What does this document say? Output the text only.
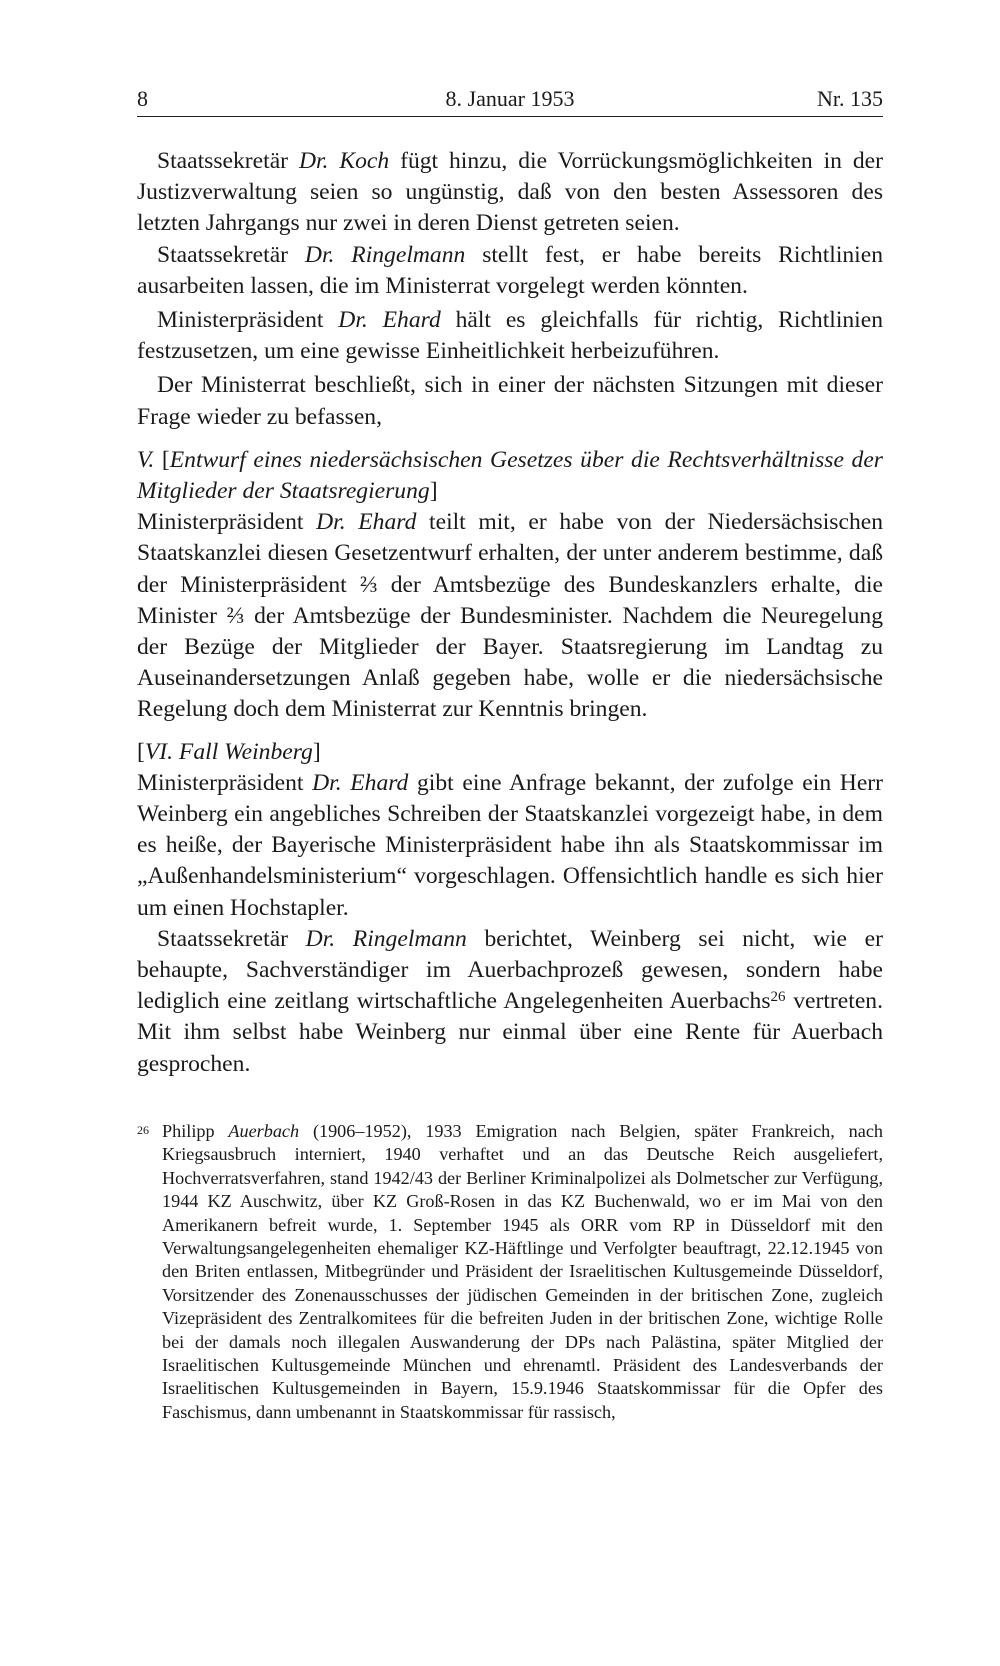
8	8. Januar 1953	Nr. 135

Staatssekretär Dr. Koch fügt hinzu, die Vorrückungsmöglichkeiten in der Justizverwaltung seien so ungünstig, daß von den besten Assessoren des letzten Jahrgangs nur zwei in deren Dienst getreten seien.

Staatssekretär Dr. Ringelmann stellt fest, er habe bereits Richtlinien ausarbeiten lassen, die im Ministerrat vorgelegt werden könnten.

Ministerpräsident Dr. Ehard hält es gleichfalls für richtig, Richtlinien festzusetzen, um eine gewisse Einheitlichkeit herbeizuführen.

Der Ministerrat beschließt, sich in einer der nächsten Sitzungen mit dieser Frage wieder zu befassen,

V. [Entwurf eines niedersächsischen Gesetzes über die Rechtsverhältnisse der Mitglieder der Staatsregierung]

Ministerpräsident Dr. Ehard teilt mit, er habe von der Niedersächsischen Staatskanzlei diesen Gesetzentwurf erhalten, der unter anderem bestimme, daß der Ministerpräsident ⅔ der Amtsbezüge des Bundeskanzlers erhalte, die Minister ⅔ der Amtsbezüge der Bundesminister. Nachdem die Neuregelung der Bezüge der Mitglieder der Bayer. Staatsregierung im Landtag zu Auseinandersetzungen Anlaß gegeben habe, wolle er die niedersächsische Regelung doch dem Ministerrat zur Kenntnis bringen.

[VI. Fall Weinberg]

Ministerpräsident Dr. Ehard gibt eine Anfrage bekannt, der zufolge ein Herr Weinberg ein angebliches Schreiben der Staatskanzlei vorgezeigt habe, in dem es heiße, der Bayerische Ministerpräsident habe ihn als Staatskommissar im „Außenhandelsministerium“ vorgeschlagen. Offensichtlich handle es sich hier um einen Hochstapler.

Staatssekretär Dr. Ringelmann berichtet, Weinberg sei nicht, wie er behaupte, Sachverständiger im Auerbachprozeß gewesen, sondern habe lediglich eine zeitlang wirtschaftliche Angelegenheiten Auerbachs$^{26}$ vertreten. Mit ihm selbst habe Weinberg nur einmal über eine Rente für Auerbach gesprochen.

26 Philipp Auerbach (1906–1952), 1933 Emigration nach Belgien, später Frankreich, nach Kriegsausbruch interniert, 1940 verhaftet und an das Deutsche Reich ausgeliefert, Hochverratsverfahren, stand 1942/43 der Berliner Kriminalpolizei als Dolmetscher zur Verfügung, 1944 KZ Auschwitz, über KZ Groß-Rosen in das KZ Buchenwald, wo er im Mai von den Amerikanern befreit wurde, 1. September 1945 als ORR vom RP in Düsseldorf mit den Verwaltungsangelegenheiten ehemaliger KZ-Häftlinge und Verfolgter beauftragt, 22.12.1945 von den Briten entlassen, Mitbegründer und Präsident der Israelitischen Kultusgemeinde Düsseldorf, Vorsitzender des Zonenausschusses der jüdischen Gemeinden in der britischen Zone, zugleich Vizepräsident des Zentralkomitees für die befreiten Juden in der britischen Zone, wichtige Rolle bei der damals noch illegalen Auswanderung der DPs nach Palästina, später Mitglied der Israelitischen Kultusgemeinde München und ehrenamtl. Präsident des Landesverbands der Israelitischen Kultusgemeinden in Bayern, 15.9.1946 Staatskommissar für die Opfer des Faschismus, dann umbenannt in Staatskommissar für rassisch,
